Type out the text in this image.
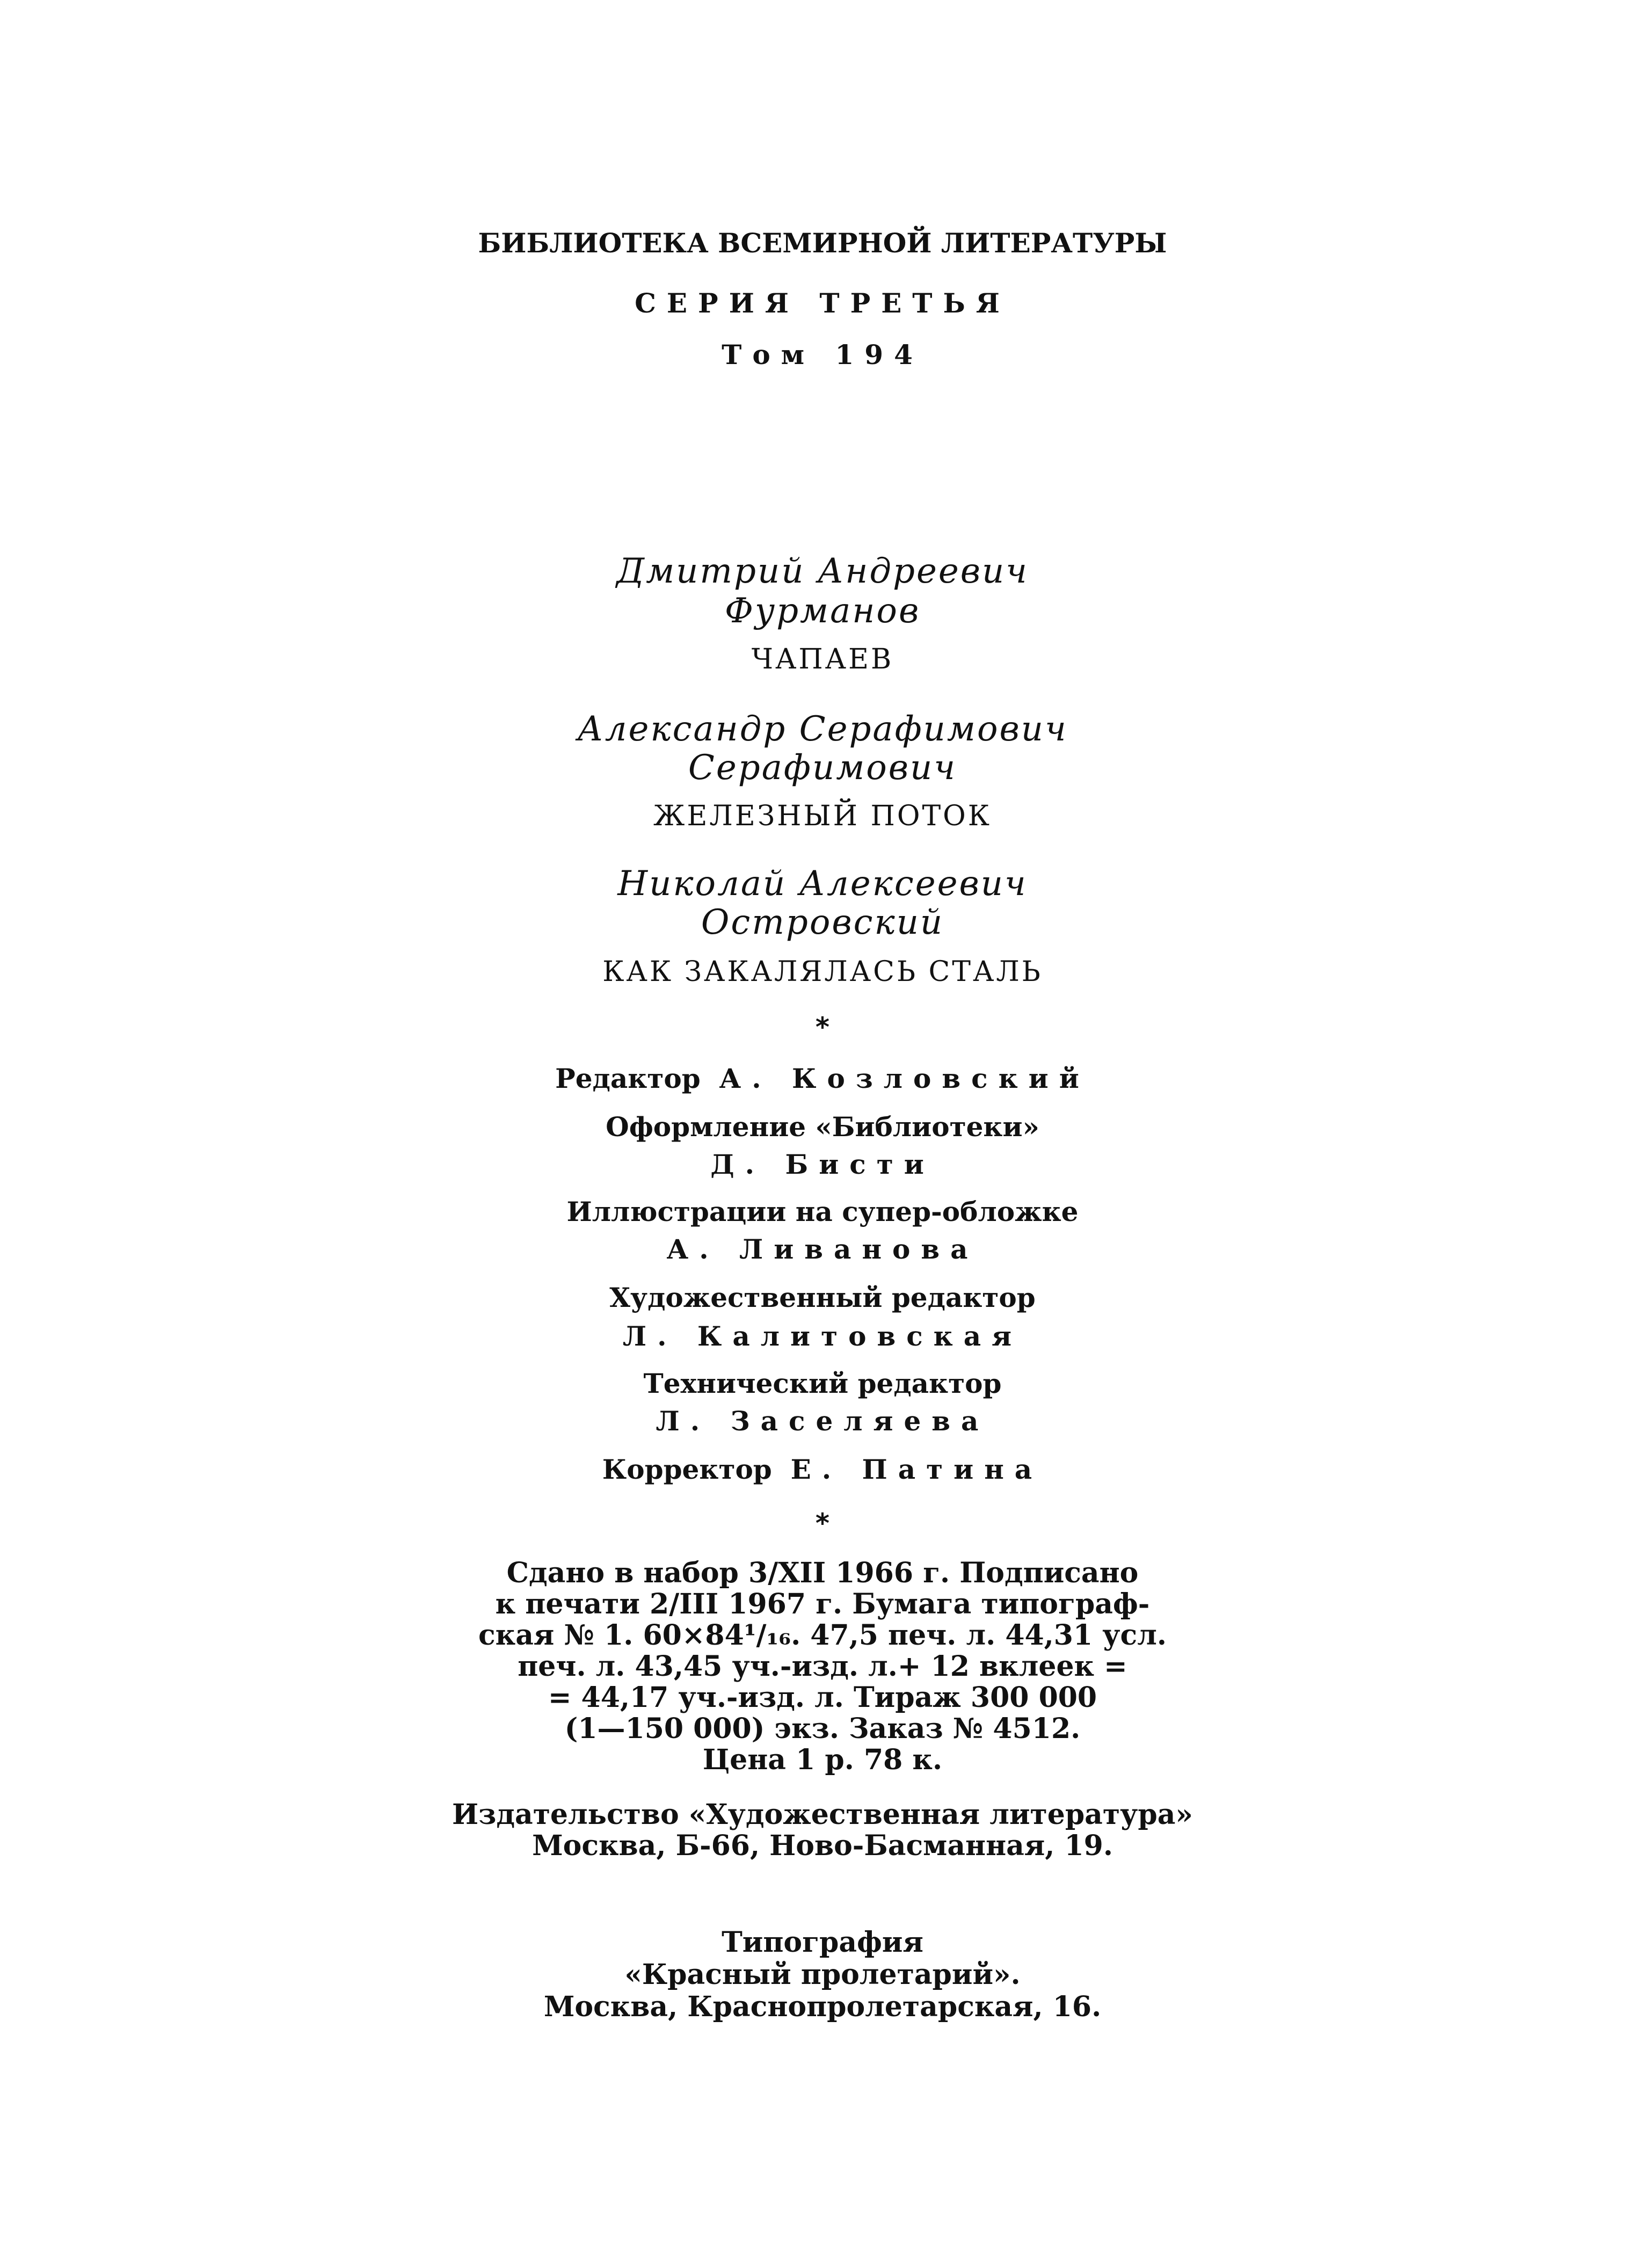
БИБЛИОТЕКА ВСЕМИРНОЙ ЛИТЕРАТУРЫ

СЕРИЯ ТРЕТЬЯ

Том 194

Дмитрий Андреевич

Фурманов

ЧАПАЕВ

Александр Серафимович

Серафимович

ЖЕЛЕЗНЫЙ ПОТОК

Николай Алексеевич

Островский

КАК ЗАКАЛЯЛАСЬ СТАЛЬ

*

Редактор А. Козловский

Оформление «Библиотеки»

Д. Бисти

Иллюстрации на супер-обложке

А. Ливанова

Художественный редактор

Л. Калитовская

Технический редактор

Л. Заселяева

Корректор Е. Патина

*

Сдано в набор 3/XII 1966 г. Подписано

к печати 2/III 1967 г. Бумага типограф-

ская № 1. 60×84¹/₁₆. 47,5 печ. л. 44,31 усл.

печ. л. 43,45 уч.-изд. л.+ 12 вклеек =

= 44,17 уч.-изд. л. Тираж 300 000

(1—150 000) экз. Заказ № 4512.

Цена 1 р. 78 к.

Издательство «Художественная литература»

Москва, Б-66, Ново-Басманная, 19.

Типография

«Красный пролетарий».

Москва, Краснопролетарская, 16.
